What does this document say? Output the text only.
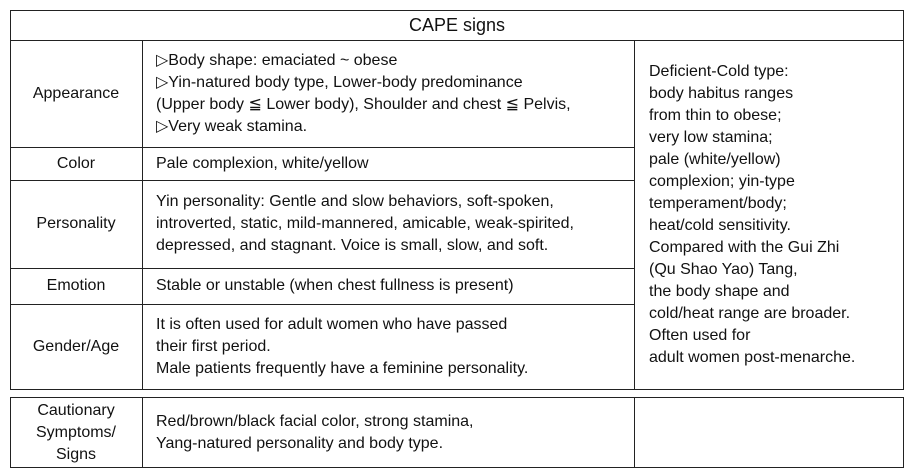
CAPE signs
Appearance
▷Body shape: emaciated ~ obese
▷Yin-natured body type, Lower-body predominance
(Upper body ≦ Lower body), Shoulder and chest ≦ Pelvis,
▷Very weak stamina.
Color	Pale complexion, white/yellow
Personality
Yin personality: Gentle and slow behaviors, soft-spoken,
introverted, static, mild-mannered, amicable, weak-spirited,
depressed, and stagnant. Voice is small, slow, and soft.
Emotion	Stable or unstable (when chest fullness is present)
Gender/Age
It is often used for adult women who have passed
their first period.
Male patients frequently have a feminine personality.
Deficient-Cold type:
body habitus ranges
from thin to obese;
very low stamina;
pale (white/yellow)
complexion; yin-type
temperament/body;
heat/cold sensitivity.
Compared with the Gui Zhi
(Qu Shao Yao) Tang,
the body shape and
cold/heat range are broader.
Often used for
adult women post-menarche.
Cautionary
Symptoms/
Signs
Red/brown/black facial color, strong stamina,
Yang-natured personality and body type.
